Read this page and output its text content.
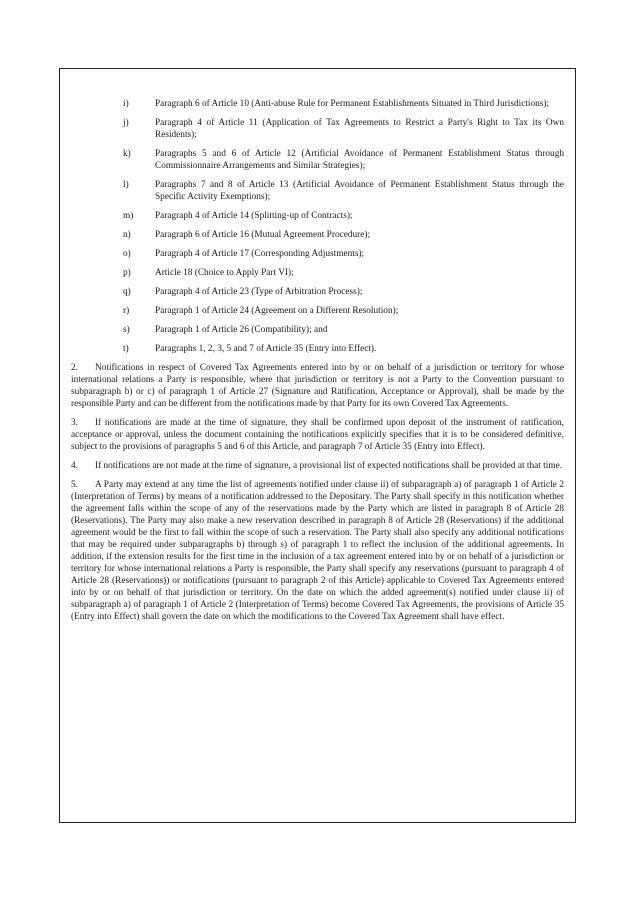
i)	Paragraph 6 of Article 10 (Anti-abuse Rule for Permanent Establishments Situated in Third Jurisdictions);
j)	Paragraph 4 of Article 11 (Application of Tax Agreements to Restrict a Party's Right to Tax its Own Residents);
k)	Paragraphs 5 and 6 of Article 12 (Artificial Avoidance of Permanent Establishment Status through Commissionnaire Arrangements and Similar Strategies);
l)	Paragraphs 7 and 8 of Article 13 (Artificial Avoidance of Permanent Establishment Status through the Specific Activity Exemptions);
m)	Paragraph 4 of Article 14 (Splitting-up of Contracts);
n)	Paragraph 6 of Article 16 (Mutual Agreement Procedure);
o)	Paragraph 4 of Article 17 (Corresponding Adjustments);
p)	Article 18 (Choice to Apply Part VI);
q)	Paragraph 4 of Article 23 (Type of Arbitration Process);
r)	Paragraph 1 of Article 24 (Agreement on a Different Resolution);
s)	Paragraph 1 of Article 26 (Compatibility); and
t)	Paragraphs 1, 2, 3, 5 and 7 of Article 35 (Entry into Effect).

2. Notifications in respect of Covered Tax Agreements entered into by or on behalf of a jurisdiction or territory for whose international relations a Party is responsible, where that jurisdiction or territory is not a Party to the Convention pursuant to subparagraph b) or c) of paragraph 1 of Article 27 (Signature and Ratification, Acceptance or Approval), shall be made by the responsible Party and can be different from the notifications made by that Party for its own Covered Tax Agreements.

3. If notifications are made at the time of signature, they shall be confirmed upon deposit of the instrument of ratification, acceptance or approval, unless the document containing the notifications explicitly specifies that it is to be considered definitive, subject to the provisions of paragraphs 5 and 6 of this Article, and paragraph 7 of Article 35 (Entry into Effect).

4. If notifications are not made at the time of signature, a provisional list of expected notifications shall be provided at that time.

5. A Party may extend at any time the list of agreements notified under clause ii) of subparagraph a) of paragraph 1 of Article 2 (Interpretation of Terms) by means of a notification addressed to the Depositary. The Party shall specify in this notification whether the agreement falls within the scope of any of the reservations made by the Party which are listed in paragraph 8 of Article 28 (Reservations). The Party may also make a new reservation described in paragraph 8 of Article 28 (Reservations) if the additional agreement would be the first to fall within the scope of such a reservation. The Party shall also specify any additional notifications that may be required under subparagraphs b) through s) of paragraph 1 to reflect the inclusion of the additional agreements. In addition, if the extension results for the first time in the inclusion of a tax agreement entered into by or on behalf of a jurisdiction or territory for whose international relations a Party is responsible, the Party shall specify any reservations (pursuant to paragraph 4 of Article 28 (Reservations)) or notifications (pursuant to paragraph 2 of this Article) applicable to Covered Tax Agreements entered into by or on behalf of that jurisdiction or territory. On the date on which the added agreement(s) notified under clause ii) of subparagraph a) of paragraph 1 of Article 2 (Interpretation of Terms) become Covered Tax Agreements, the provisions of Article 35 (Entry into Effect) shall govern the date on which the modifications to the Covered Tax Agreement shall have effect.
